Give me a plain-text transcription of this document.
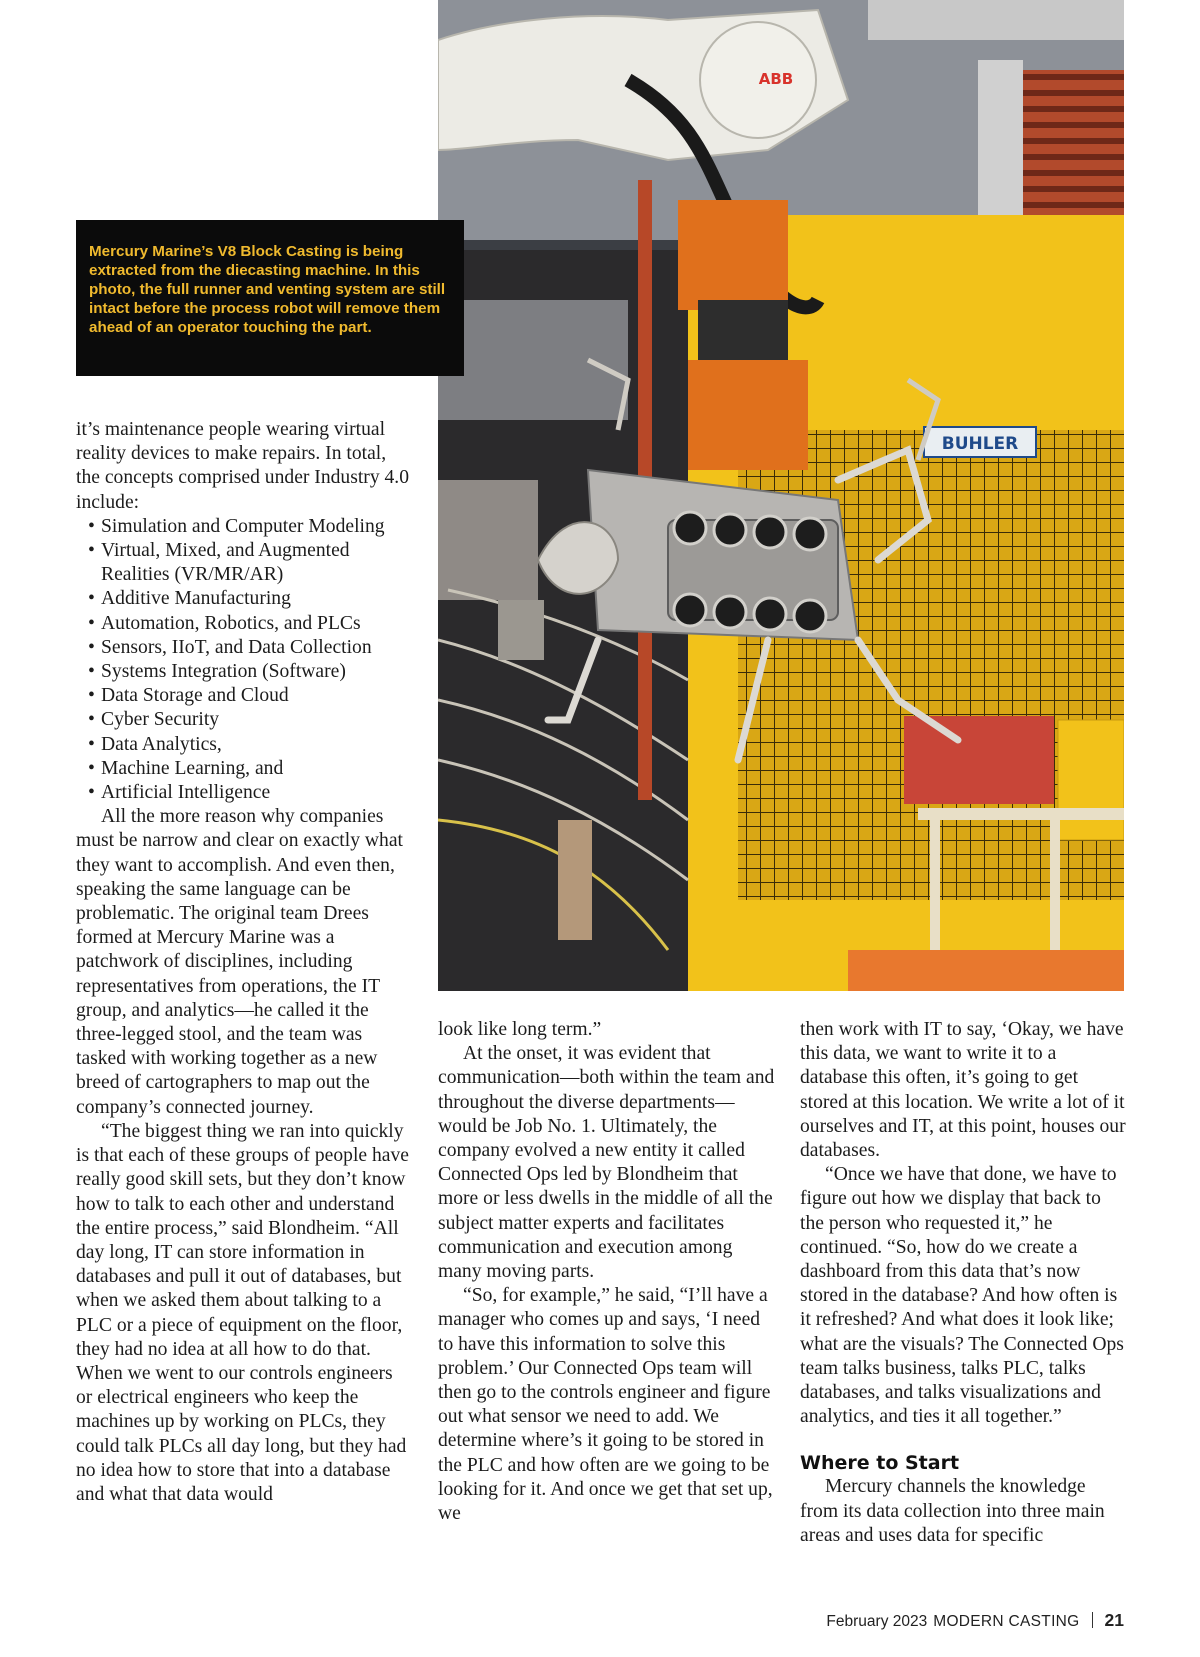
BUHLER
ABB

Mercury Marine’s V8 Block Casting is being extracted from the diecasting machine. In this photo, the full runner and venting system are still intact before the process robot will remove them ahead of an operator touching the part.

it’s maintenance people wearing virtual reality devices to make repairs. In total, the concepts comprised under Industry 4.0 include:

• Simulation and Computer Modeling
• Virtual, Mixed, and Augmented Realities (VR/MR/AR)
• Additive Manufacturing
• Automation, Robotics, and PLCs
• Sensors, IIoT, and Data Collection
• Systems Integration (Software)
• Data Storage and Cloud
• Cyber Security
• Data Analytics,
• Machine Learning, and
• Artificial Intelligence

All the more reason why companies must be narrow and clear on exactly what they want to accomplish. And even then, speaking the same language can be problematic. The original team Drees formed at Mercury Marine was a patchwork of disciplines, including representatives from operations, the IT group, and analytics—he called it the three-legged stool, and the team was tasked with working together as a new breed of cartographers to map out the company’s connected journey.

“The biggest thing we ran into quickly is that each of these groups of people have really good skill sets, but they don’t know how to talk to each other and understand the entire process,” said Blondheim. “All day long, IT can store information in databases and pull it out of databases, but when we asked them about talking to a PLC or a piece of equipment on the floor, they had no idea at all how to do that. When we went to our controls engineers or electrical engineers who keep the machines up by working on PLCs, they could talk PLCs all day long, but they had no idea how to store that into a database and what that data would

look like long term.”

At the onset, it was evident that communication—both within the team and throughout the diverse departments—would be Job No. 1. Ultimately, the company evolved a new entity it called Connected Ops led by Blondheim that more or less dwells in the middle of all the subject matter experts and facilitates communication and execution among many moving parts.

“So, for example,” he said, “I’ll have a manager who comes up and says, ‘I need to have this information to solve this problem.’ Our Connected Ops team will then go to the controls engineer and figure out what sensor we need to add. We determine where’s it going to be stored in the PLC and how often are we going to be looking for it. And once we get that set up, we

then work with IT to say, ‘Okay, we have this data, we want to write it to a database this often, it’s going to get stored at this location. We write a lot of it ourselves and IT, at this point, houses our databases.

“Once we have that done, we have to figure out how we display that back to the person who requested it,” he continued. “So, how do we create a dashboard from this data that’s now stored in the database? And how often is it refreshed? And what does it look like; what are the visuals? The Connected Ops team talks business, talks PLC, talks databases, and talks visualizations and analytics, and ties it all together.”

Where to Start

Mercury channels the knowledge from its data collection into three main areas and uses data for specific

February 2023 MODERN CASTING 21
